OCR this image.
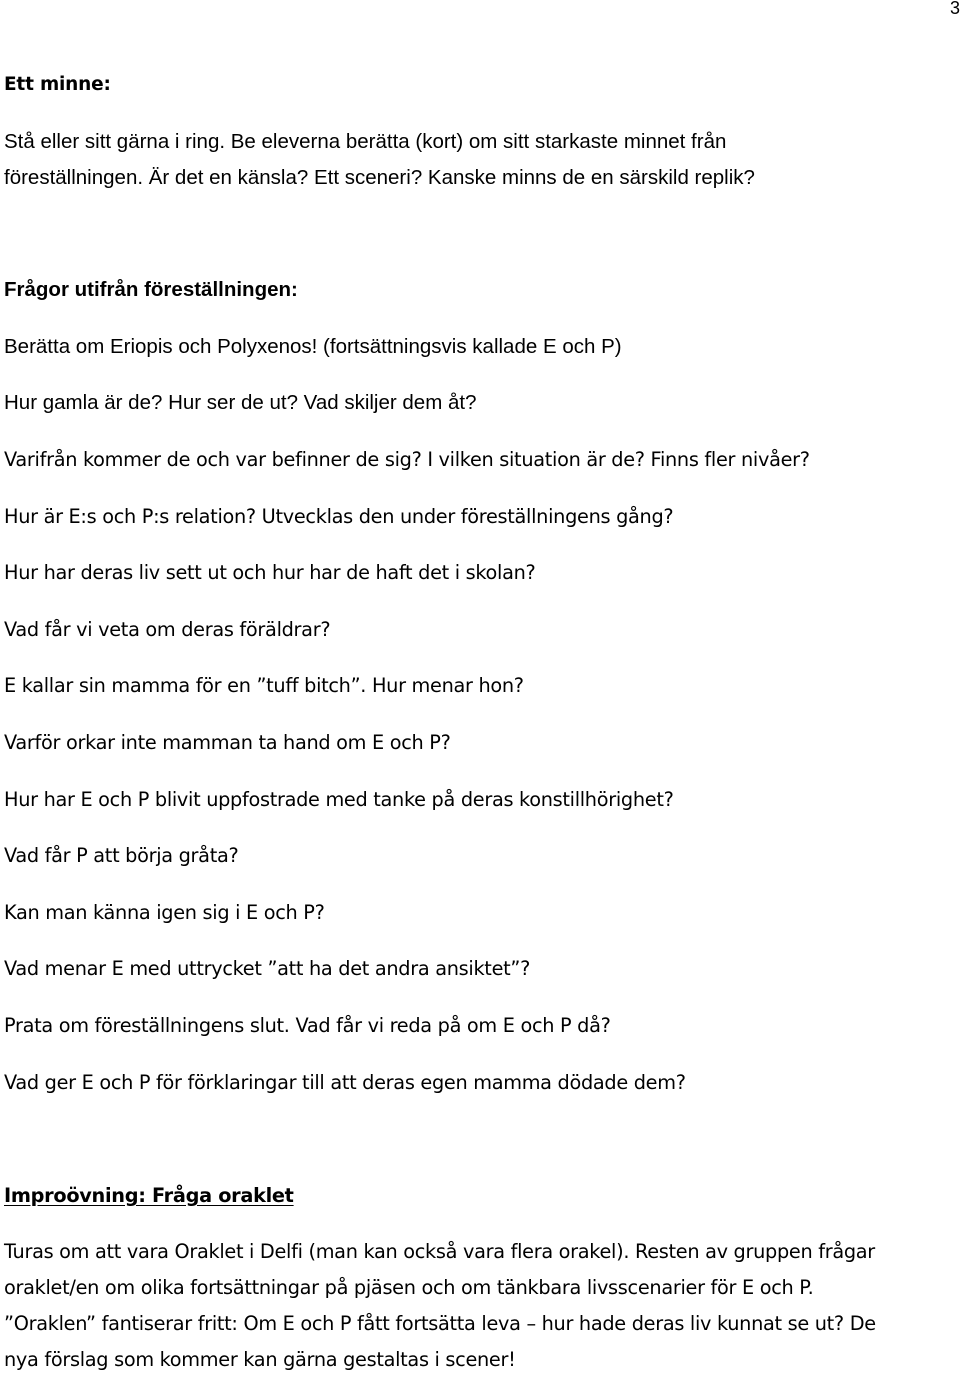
3
Ett minne:
Stå eller sitt gärna i ring. Be eleverna berätta (kort) om sitt starkaste minnet från
föreställningen. Är det en känsla? Ett sceneri? Kanske minns de en särskild replik?
Frågor utifrån föreställningen:
Berätta om Eriopis och Polyxenos! (fortsättningsvis kallade E och P)
Hur gamla är de? Hur ser de ut? Vad skiljer dem åt?
Varifrån kommer de och var befinner de sig? I vilken situation är de? Finns fler nivåer?
Hur är E:s och P:s relation? Utvecklas den under föreställningens gång?
Hur har deras liv sett ut och hur har de haft det i skolan?
Vad får vi veta om deras föräldrar?
E kallar sin mamma för en ”tuff bitch”. Hur menar hon?
Varför orkar inte mamman ta hand om E och P?
Hur har E och P blivit uppfostrade med tanke på deras konstillhörighet?
Vad får P att börja gråta?
Kan man känna igen sig i E och P?
Vad menar E med uttrycket ”att ha det andra ansiktet”?
Prata om föreställningens slut. Vad får vi reda på om E och P då?
Vad ger E och P för förklaringar till att deras egen mamma dödade dem?
Improövning: Fråga oraklet
Turas om att vara Oraklet i Delfi (man kan också vara flera orakel). Resten av gruppen frågar
oraklet/en om olika fortsättningar på pjäsen och om tänkbara livsscenarier för E och P.
”Oraklen” fantiserar fritt: Om E och P fått fortsätta leva – hur hade deras liv kunnat se ut? De
nya förslag som kommer kan gärna gestaltas i scener!
